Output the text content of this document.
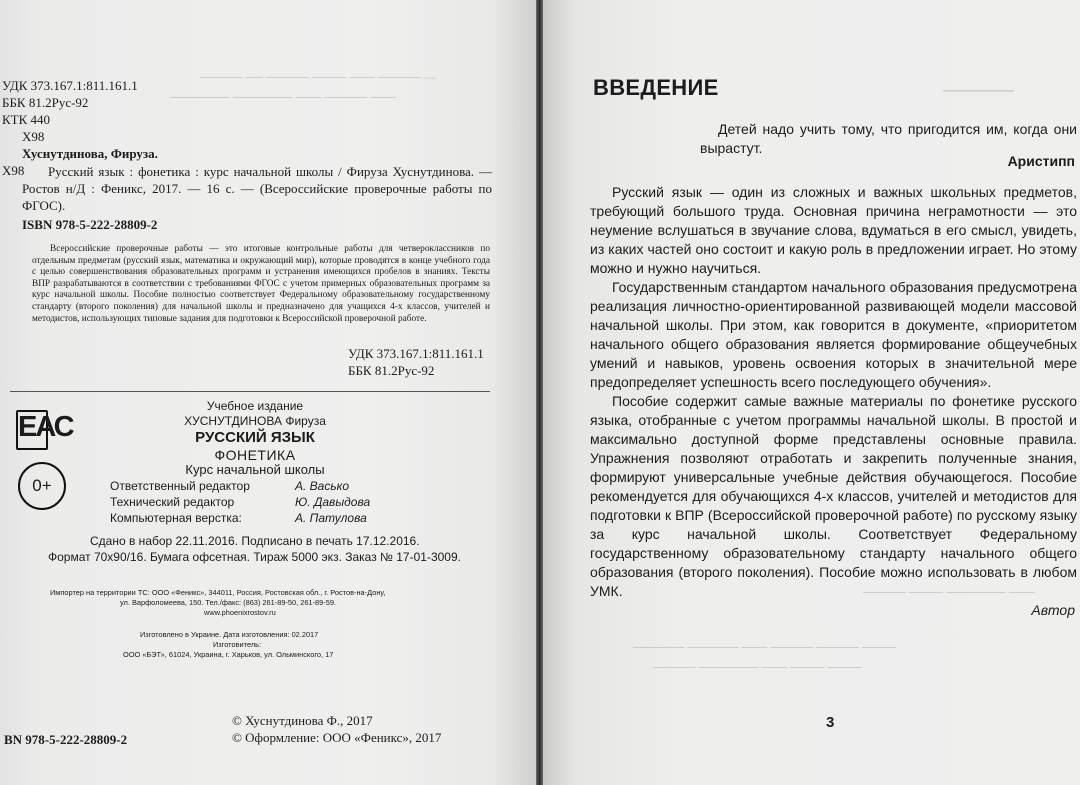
— ───── ─── ──── ───── ── ─────
─── ───── ─── ─────── ───────
УДК 373.167.1:811.161.1
ББК 81.2Рус-92
КТК 440
Х98
Хуснутдинова, Фируза.
Х98	Русский язык : фонетика : курс начальной школы / Фируза Хуснутдинова. — Ростов н/Д : Феникс, 2017. — 16 с. — (Всероссийские проверочные работы по ФГОС).
ISBN 978-5-222-28809-2
Всероссийские проверочные работы — это итоговые контрольные работы для четвероклассников по отдельным предметам (русский язык, математика и окружающий мир), которые проводятся в конце учебного года с целью совершенствования образовательных программ и устранения имеющихся пробелов в знаниях. Тексты ВПР разрабатываются в соответствии с требованиями ФГОС с учетом примерных образовательных программ за курс начальной школы. Пособие полностью соответствует Федеральному образовательному государственному стандарту (второго поколения) для начальной школы и предназначено для учащихся 4-х классов, учителей и методистов, использующих типовые задания для подготовки к Всероссийской проверочной работе.
УДК 373.167.1:811.161.1
ББК 81.2Рус-92
ЕАС
0+
Учебное издание
ХУСНУТДИНОВА Фируза
РУССКИЙ ЯЗЫК
ФОНЕТИКА
Курс начальной школы
Ответственный редактор	А. Васько
Технический редактор	Ю. Давыдова
Компьютерная верстка:	А. Патулова
Сдано в набор 22.11.2016. Подписано в печать 17.12.2016.
Формат 70х90/16. Бумага офсетная. Тираж 5000 экз. Заказ № 17-01-3009.
Импортер на территории ТС: ООО «Феникс», 344011, Россия, Ростовская обл., г. Ростов-на-Дону,
ул. Варфоломеева, 150. Тел./факс: (863) 261-89-50, 261-89-59.
www.phoenixrostov.ru
Изготовлено в Украине. Дата изготовления: 02.2017
Изготовитель:
ООО «БЭТ», 61024, Украина, г. Харьков, ул. Ольминского, 17
BN 978-5-222-28809-2
© Хуснутдинова Ф., 2017
© Оформление: ООО «Феникс», 2017
─────
─── ─────── ──── ─────
──── ───── ───── ─── ────── ──────
──── ──── ─── ─────── ─────
ВВЕДЕНИЕ
Детей надо учить тому, что пригодится им, когда они вырастут.
Аристипп

Русский язык — один из сложных и важных школьных предметов, требующий большого труда. Основная причина неграмотности — это неумение вслушаться в звучание слова, вдуматься в его смысл, увидеть, из каких частей оно состоит и какую роль в предложении играет. Но этому можно и нужно научиться.

Государственным стандартом начального образования предусмотрена реализация личностно-ориентированной развивающей модели массовой начальной школы. При этом, как говорится в документе, «приоритетом начального общего образования является формирование общеучебных умений и навыков, уровень освоения которых в значительной мере предопределяет успешность всего последующего обучения».

Пособие содержит самые важные материалы по фонетике русского языка, отобранные с учетом программы начальной школы. В простой и максимально доступной форме представлены основные правила. Упражнения позволяют отработать и закрепить полученные знания, формируют универсальные учебные действия обучающегося. Пособие рекомендуется для обучающихся 4-х классов, учителей и методистов для подготовки к ВПР (Всероссийской проверочной работе) по русскому языку за курс начальной школы. Соответствует Федеральному государственному образовательному стандарту начального общего образования (второго поколения). Пособие можно использовать в любом УМК.

Автор
3
